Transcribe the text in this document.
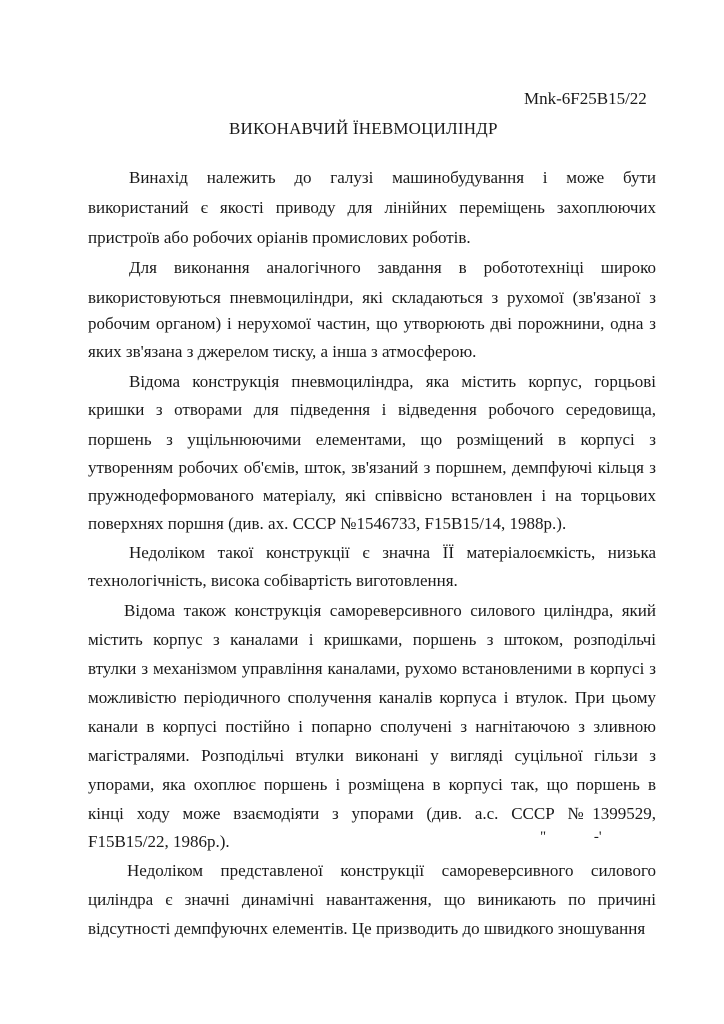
Mnk-6F25B15/22
ВИКОНАВЧИЙ ЇНЕВМОЦИЛІНДР
Винахід належить до галузі машинобудування і може бути
використаний є якості приводу для лінійних переміщень захоплюючих
пристроїв або робочих оріанів промислових роботів.
Для виконання аналогічного завдання в робототехніці широко
використовуються пневмоциліндри, які складаються з рухомої (зв'язаної з
робочим органом) і нерухомої частин, що утворюють дві порожнини, одна з
яких зв'язана з джерелом тиску, а інша з атмосферою.
Відома конструкція пневмоциліндра, яка містить корпус, горцьові
кришки з отворами для підведення і відведення робочого середовища,
поршень з ущільнюючими елементами, що розміщений в корпусі з
утворенням робочих об'ємів, шток, зв'язаний з поршнем, демпфуючі кільця з
пружнодеформованого матеріалу, які співвісно встановлен і на торцьових
поверхнях поршня (див. ах. СССР №1546733, F15B15/14, 1988р.).
Недоліком такої конструкції є значна ЇЇ матеріалоємкість, низька
технологічність, висока собівартість виготовлення.
Відома також конструкція самореверсивного силового циліндра, який
містить корпус з каналами і кришками, поршень з штоком, розподільчі
втулки з механізмом управління каналами, рухомо встановленими в корпусі з
можливістю періодичного сполучення каналів корпуса і втулок. При цьому
канали в корпусі постійно і попарно сполучені з нагнітаючою з зливною
магістралями. Розподільчі втулки виконані у вигляді суцільної гільзи з
упорами, яка охоплює поршень і розміщена в корпусі так, що поршень в
кінці ходу може взаємодіяти з упорами (див. а.с. СССР №1399529,
F15B15/22, 1986р.).	" -'
Недоліком представленої конструкції самореверсивного силового
циліндра є значні динамічні навантаження, що виникають по причині
відсутності демпфуючнх елементів. Це призводить до швидкого зношування
